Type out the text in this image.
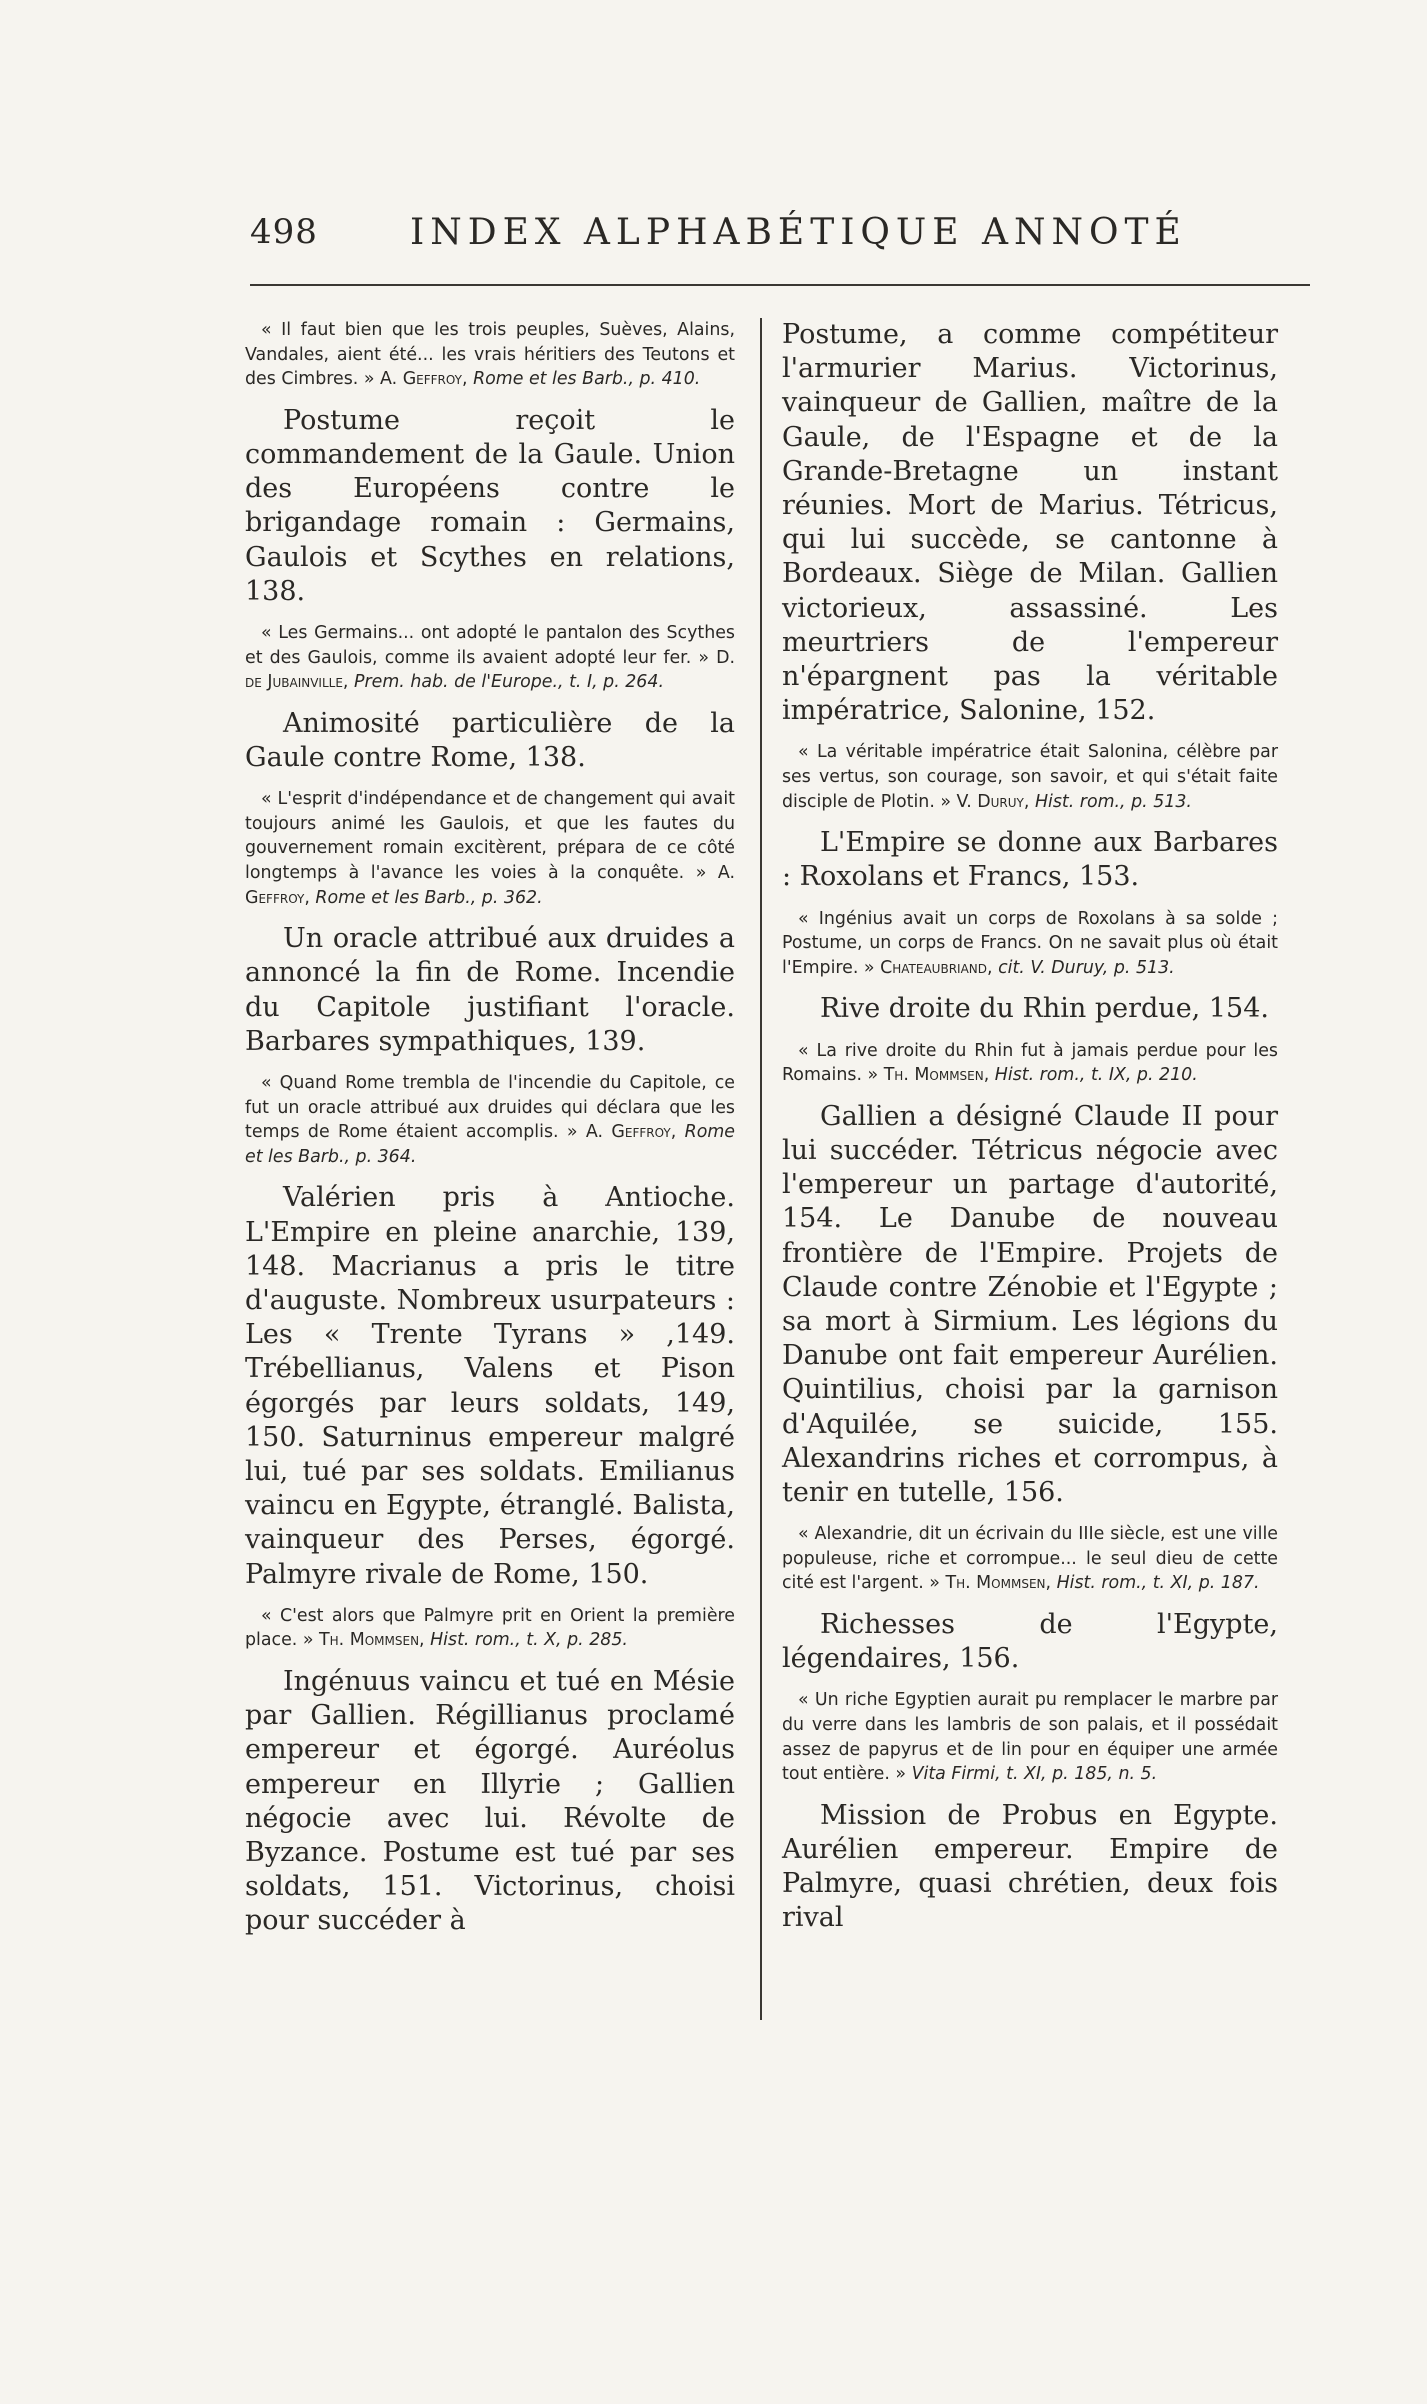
498	INDEX ALPHABÉTIQUE ANNOTÉ

« Il faut bien que les trois peuples, Suèves, Alains, Vandales, aient été... les vrais héritiers des Teutons et des Cimbres. » A. Geffroy, Rome et les Barb., p. 410.

Postume reçoit le commandement de la Gaule. Union des Européens contre le brigandage romain : Germains, Gaulois et Scythes en relations, 138.

« Les Germains... ont adopté le pantalon des Scythes et des Gaulois, comme ils avaient adopté leur fer. » D. de Jubainville, Prem. hab. de l'Europe., t. I, p. 264.

Animosité particulière de la Gaule contre Rome, 138.

« L'esprit d'indépendance et de changement qui avait toujours animé les Gaulois, et que les fautes du gouvernement romain excitèrent, prépara de ce côté longtemps à l'avance les voies à la conquête. » A. Geffroy, Rome et les Barb., p. 362.

Un oracle attribué aux druides a annoncé la fin de Rome. Incendie du Capitole justifiant l'oracle. Barbares sympathiques, 139.

« Quand Rome trembla de l'incendie du Capitole, ce fut un oracle attribué aux druides qui déclara que les temps de Rome étaient accomplis. » A. Geffroy, Rome et les Barb., p. 364.

Valérien pris à Antioche. L'Empire en pleine anarchie, 139, 148. Macrianus a pris le titre d'auguste. Nombreux usurpateurs : Les « Trente Tyrans » ,149. Trébellianus, Valens et Pison égorgés par leurs soldats, 149, 150. Saturninus empereur malgré lui, tué par ses soldats. Emilianus vaincu en Egypte, étranglé. Balista, vainqueur des Perses, égorgé. Palmyre rivale de Rome, 150.

« C'est alors que Palmyre prit en Orient la première place. » Th. Mommsen, Hist. rom., t. X, p. 285.

Ingénuus vaincu et tué en Mésie par Gallien. Régillianus proclamé empereur et égorgé. Auréolus empereur en Illyrie ; Gallien négocie avec lui. Révolte de Byzance. Postume est tué par ses soldats, 151. Victorinus, choisi pour succéder à

Postume, a comme compétiteur l'armurier Marius. Victorinus, vainqueur de Gallien, maître de la Gaule, de l'Espagne et de la Grande-Bretagne un instant réunies. Mort de Marius. Tétricus, qui lui succède, se cantonne à Bordeaux. Siège de Milan. Gallien victorieux, assassiné. Les meurtriers de l'empereur n'épargnent pas la véritable impératrice, Salonine, 152.

« La véritable impératrice était Salonina, célèbre par ses vertus, son courage, son savoir, et qui s'était faite disciple de Plotin. » V. Duruy, Hist. rom., p. 513.

L'Empire se donne aux Barbares : Roxolans et Francs, 153.

« Ingénius avait un corps de Roxolans à sa solde ; Postume, un corps de Francs. On ne savait plus où était l'Empire. » Chateaubriand, cit. V. Duruy, p. 513.

Rive droite du Rhin perdue, 154.

« La rive droite du Rhin fut à jamais perdue pour les Romains. » Th. Mommsen, Hist. rom., t. IX, p. 210.

Gallien a désigné Claude II pour lui succéder. Tétricus négocie avec l'empereur un partage d'autorité, 154. Le Danube de nouveau frontière de l'Empire. Projets de Claude contre Zénobie et l'Egypte ; sa mort à Sirmium. Les légions du Danube ont fait empereur Aurélien. Quintilius, choisi par la garnison d'Aquilée, se suicide, 155. Alexandrins riches et corrompus, à tenir en tutelle, 156.

« Alexandrie, dit un écrivain du IIIe siècle, est une ville populeuse, riche et corrompue... le seul dieu de cette cité est l'argent. » Th. Mommsen, Hist. rom., t. XI, p. 187.

Richesses de l'Egypte, légendaires, 156.

« Un riche Egyptien aurait pu remplacer le marbre par du verre dans les lambris de son palais, et il possédait assez de papyrus et de lin pour en équiper une armée tout entière. » Vita Firmi, t. XI, p. 185, n. 5.

Mission de Probus en Egypte. Aurélien empereur. Empire de Palmyre, quasi chrétien, deux fois rival
